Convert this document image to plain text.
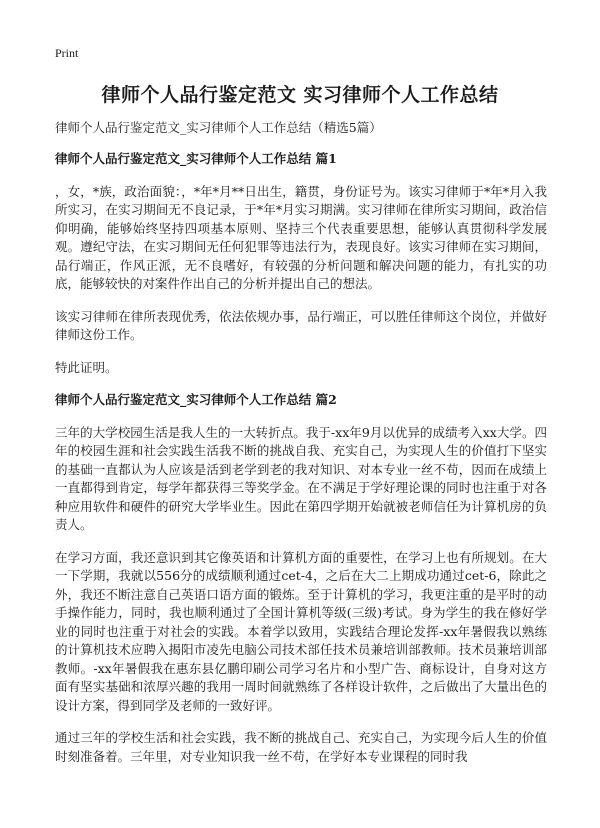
Print
律师个人品行鉴定范文 实习律师个人工作总结
律师个人品行鉴定范文_实习律师个人工作总结（精选5篇）

律师个人品行鉴定范文_实习律师个人工作总结 篇1

，女，*族，政治面貌：，*年*月**日出生，籍贯，身份证号为。该实习律师于*年*月入我所实习，在实习期间无不良记录，于*年*月实习期满。实习律师在律所实习期间，政治信仰明确，能够始终坚持四项基本原则、坚持三个代表重要思想，能够认真贯彻科学发展观。遵纪守法，在实习期间无任何犯罪等违法行为，表现良好。该实习律师在实习期间，品行端正，作风正派，无不良嗜好，有较强的分析问题和解决问题的能力，有扎实的功底，能够较快的对案件作出自己的分析并提出自己的想法。

该实习律师在律所表现优秀，依法依规办事，品行端正，可以胜任律师这个岗位，并做好律师这份工作。

特此证明。

律师个人品行鉴定范文_实习律师个人工作总结 篇2

三年的大学校园生活是我人生的一大转折点。我于-xx年9月以优异的成绩考入xx大学。四年的校园生涯和社会实践生活我不断的挑战自我、充实自己，为实现人生的价值打下坚实的基础一直都认为人应该是活到老学到老的我对知识、对本专业一丝不苟，因而在成绩上一直都得到肯定，每学年都获得三等奖学金。在不满足于学好理论课的同时也注重于对各种应用软件和硬件的研究大学毕业生。因此在第四学期开始就被老师信任为计算机房的负责人。

在学习方面，我还意识到其它像英语和计算机方面的重要性，在学习上也有所规划。在大一下学期，我就以556分的成绩顺利通过cet-4，之后在大二上期成功通过cet-6，除此之外，我还不断注意自己英语口语方面的锻炼。至于计算机的学习，我更注重的是平时的动手操作能力，同时，我也顺利通过了全国计算机等级(三级)考试。身为学生的我在修好学业的同时也注重于对社会的实践。本着学以致用，实践结合理论发挥-xx年暑假我以熟练的计算机技术应聘入揭阳市凌先电脑公司技术部任技术员兼培训部教师。技术员兼培训部教师。-xx年暑假我在惠东县亿鹏印刷公司学习名片和小型广告、商标设计，自身对这方面有坚实基础和浓厚兴趣的我用一周时间就熟练了各样设计软件，之后做出了大量出色的设计方案，得到同学及老师的一致好评。

通过三年的学校生活和社会实践，我不断的挑战自己、充实自己，为实现今后人生的价值时刻准备着。三年里，对专业知识我一丝不苟，在学好本专业课程的同时我
